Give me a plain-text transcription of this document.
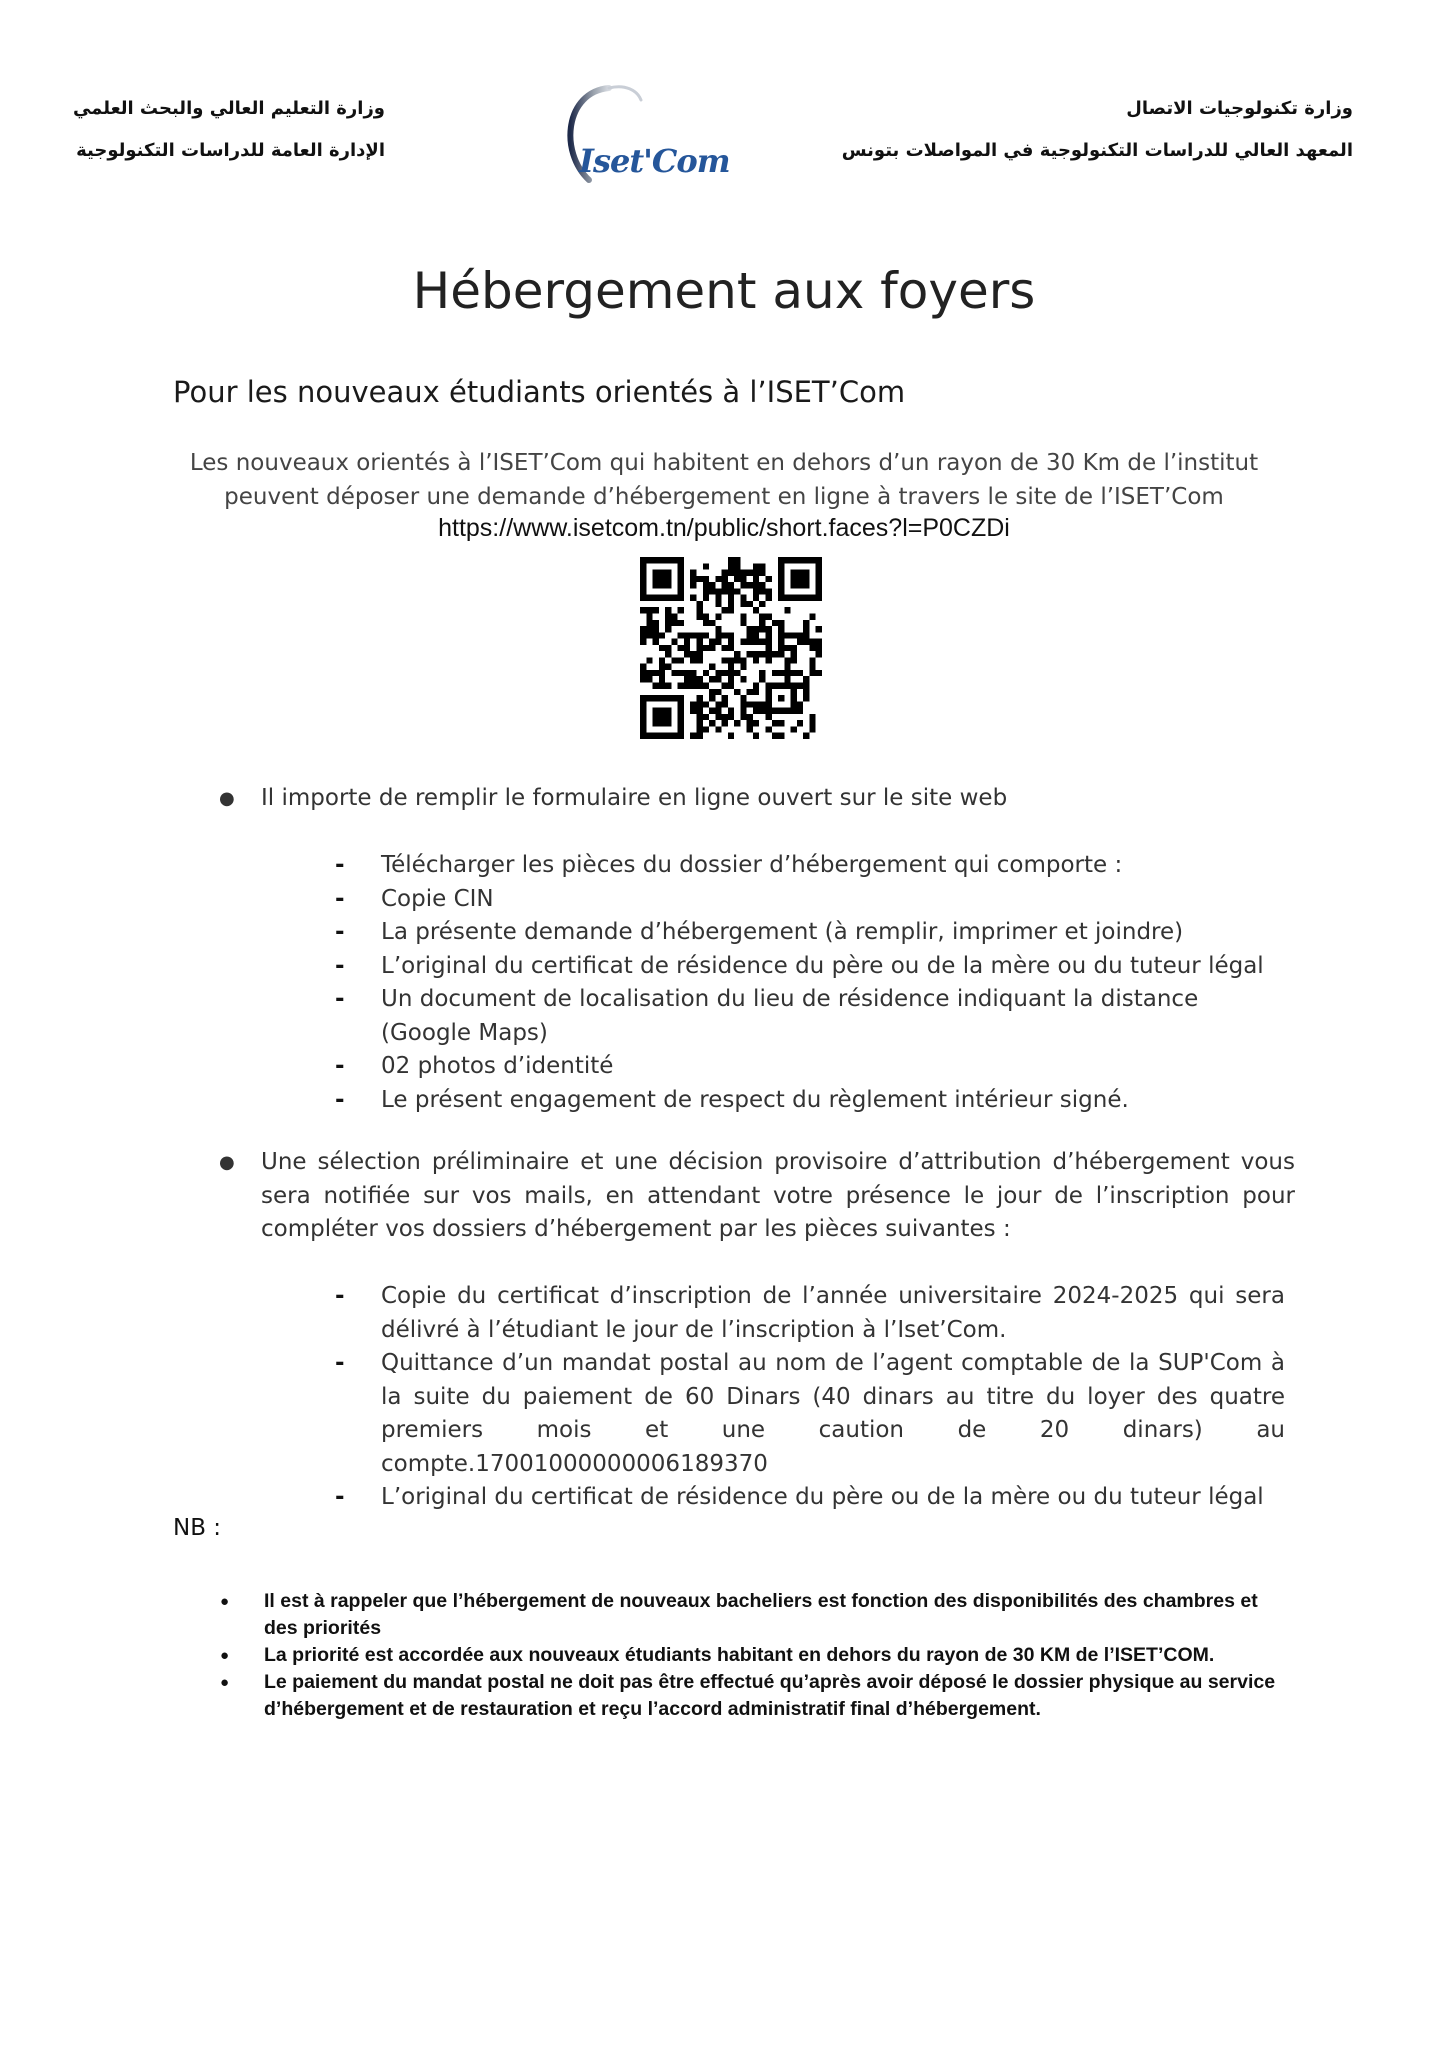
وزارة تكنولوجيات الاتصال
المعهد العالي للدراسات التكنولوجية في المواصلات بتونس
Iset'Com
وزارة التعليم العالي والبحث العلمي
الإدارة العامة للدراسات التكنولوجية
Hébergement aux foyers
Pour les nouveaux étudiants orientés à l’ISET’Com
Les nouveaux orientés à l’ISET’Com qui habitent en dehors d’un rayon de 30 Km de l’institut peuvent déposer une demande d’hébergement en ligne à travers le site de l’ISET’Com
https://www.isetcom.tn/public/short.faces?l=P0CZDi
●	Il importe de remplir le formulaire en ligne ouvert sur le site web
-	Télécharger les pièces du dossier d’hébergement qui comporte :
-	Copie CIN
-	La présente demande d’hébergement (à remplir, imprimer et joindre)
-	L’original du certificat de résidence du père ou de la mère ou du tuteur légal
-	Un document de localisation du lieu de résidence indiquant la distance (Google Maps)
-	02 photos d’identité
-	Le présent engagement de respect du règlement intérieur signé.
●	Une sélection préliminaire et une décision provisoire d’attribution d’hébergement vous sera notifiée sur vos mails, en attendant votre présence le jour de l’inscription pour compléter vos dossiers d’hébergement par les pièces suivantes :
-	Copie du certificat d’inscription de l’année universitaire 2024-2025 qui sera délivré à l’étudiant le jour de l’inscription à l’Iset’Com.
-	Quittance d’un mandat postal au nom de l’agent comptable de la SUP'Com à la suite du paiement de 60 Dinars (40 dinars au titre du loyer des quatre premiers mois et une caution de 20 dinars) au compte.17001000000006189370
-	L’original du certificat de résidence du père ou de la mère ou du tuteur légal
NB :
●	Il est à rappeler que l’hébergement de nouveaux bacheliers est fonction des disponibilités des chambres et des priorités
●	La priorité est accordée aux nouveaux étudiants habitant en dehors du rayon de 30 KM de l’ISET’COM.
●	Le paiement du mandat postal ne doit pas être effectué qu’après avoir déposé le dossier physique au service d’hébergement et de restauration et reçu l’accord administratif final d’hébergement.
